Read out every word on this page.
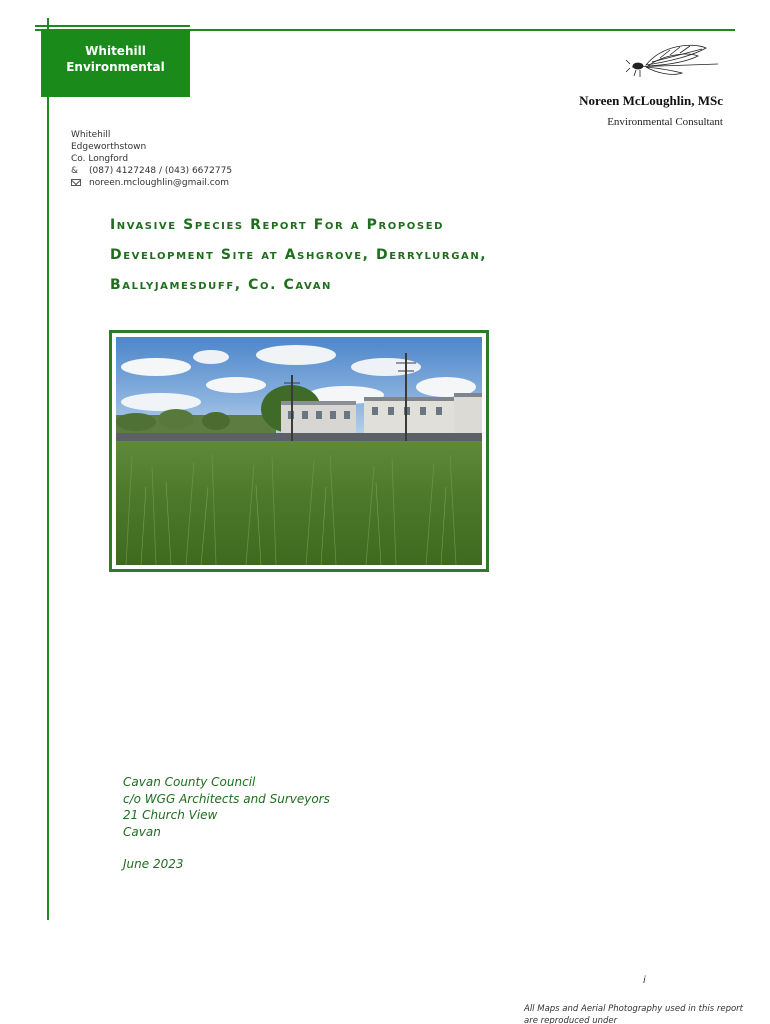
Whitehill
Environmental
Noreen McLoughlin, MSc
Environmental Consultant
Whitehill
Edgeworthstown
Co. Longford
& (087) 4127248 / (043) 6672775
noreen.mcloughlin@gmail.com
Invasive Species Report For a Proposed
Development Site at Ashgrove, Derrylurgan,
Ballyjamesduff, Co. Cavan
Cavan County Council
c/o WGG Architects and Surveyors
21 Church View
Cavan
June 2023
i
All Maps and Aerial Photography used in this report
are reproduced under
